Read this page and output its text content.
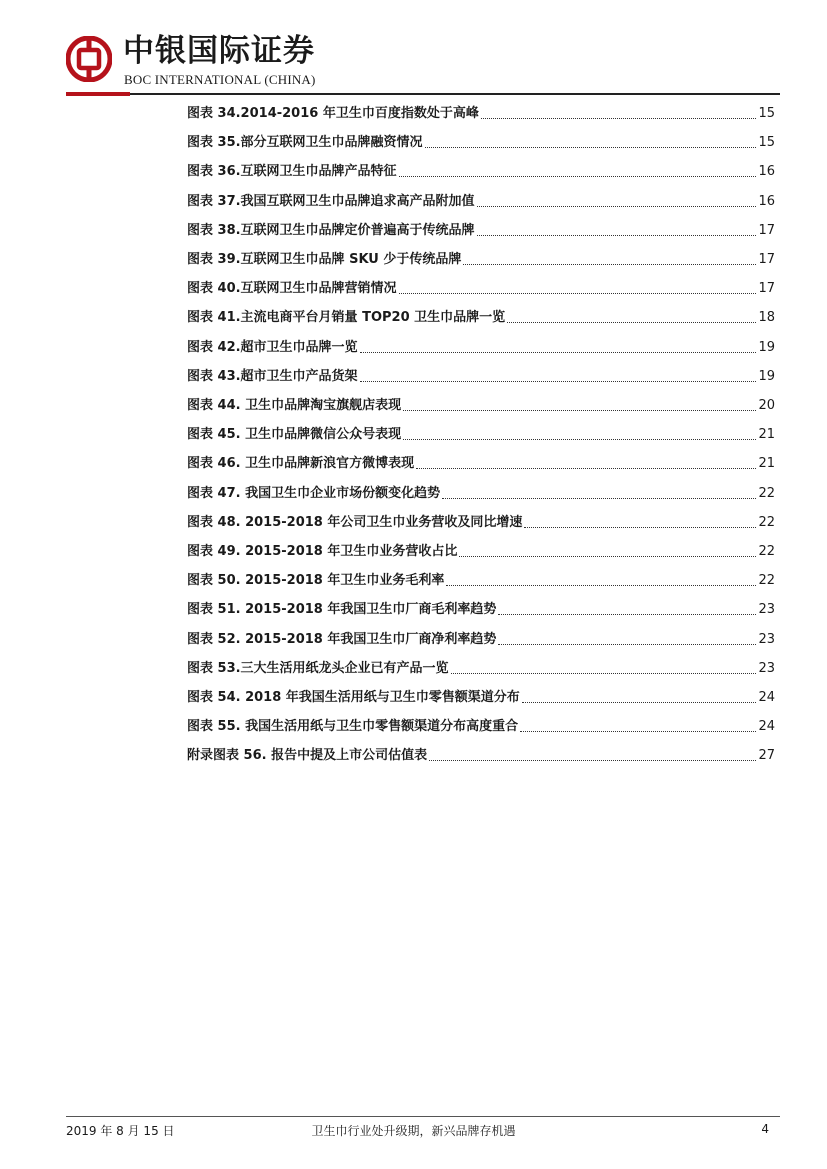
中银国际证券
BOC INTERNATIONAL (CHINA)
图表 34.2014-2016 年卫生巾百度指数处于高峰	15
图表 35.部分互联网卫生巾品牌融资情况	15
图表 36.互联网卫生巾品牌产品特征	16
图表 37.我国互联网卫生巾品牌追求高产品附加值	16
图表 38.互联网卫生巾品牌定价普遍高于传统品牌	17
图表 39.互联网卫生巾品牌 SKU 少于传统品牌	17
图表 40.互联网卫生巾品牌营销情况	17
图表 41.主流电商平台月销量 TOP20 卫生巾品牌一览	18
图表 42.超市卫生巾品牌一览	19
图表 43.超市卫生巾产品货架	19
图表 44. 卫生巾品牌淘宝旗舰店表现	20
图表 45. 卫生巾品牌微信公众号表现	21
图表 46. 卫生巾品牌新浪官方微博表现	21
图表 47. 我国卫生巾企业市场份额变化趋势	22
图表 48. 2015-2018 年公司卫生巾业务营收及同比增速	22
图表 49. 2015-2018 年卫生巾业务营收占比	22
图表 50. 2015-2018 年卫生巾业务毛利率	22
图表 51. 2015-2018 年我国卫生巾厂商毛利率趋势	23
图表 52. 2015-2018 年我国卫生巾厂商净利率趋势	23
图表 53.三大生活用纸龙头企业已有产品一览	23
图表 54. 2018 年我国生活用纸与卫生巾零售额渠道分布	24
图表 55. 我国生活用纸与卫生巾零售额渠道分布高度重合	24
附录图表 56. 报告中提及上市公司估值表	27
2019 年 8 月 15 日	卫生巾行业处升级期，新兴品牌存机遇	4
